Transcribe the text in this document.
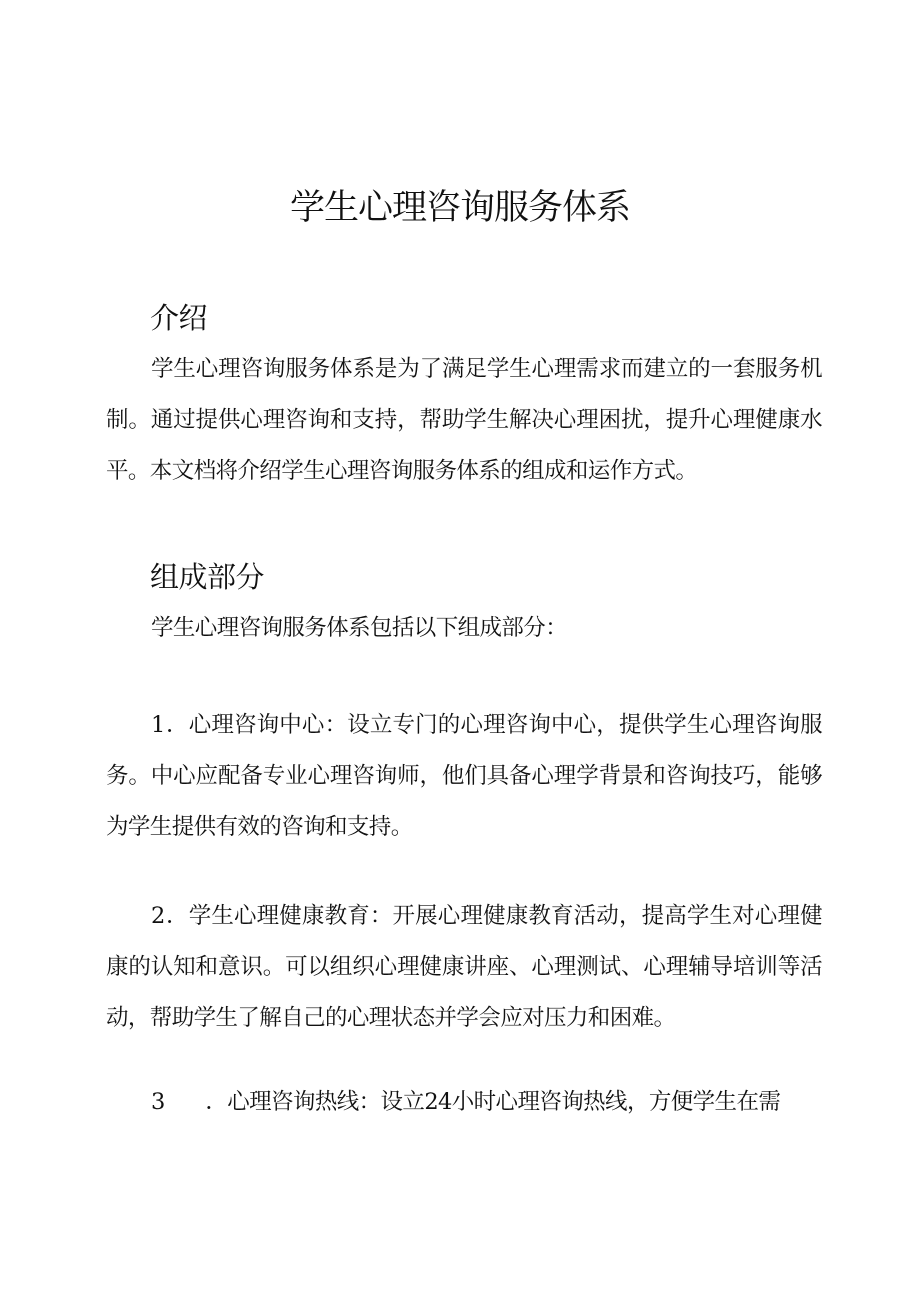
学生心理咨询服务体系
介绍

学生心理咨询服务体系是为了满足学生心理需求而建立的一套服务机制。通过提供心理咨询和支持，帮助学生解决心理困扰，提升心理健康水平。本文档将介绍学生心理咨询服务体系的组成和运作方式。

组成部分

学生心理咨询服务体系包括以下组成部分：

1．心理咨询中心：设立专门的心理咨询中心，提供学生心理咨询服务。中心应配备专业心理咨询师，他们具备心理学背景和咨询技巧，能够为学生提供有效的咨询和支持。

2．学生心理健康教育：开展心理健康教育活动，提高学生对心理健康的认知和意识。可以组织心理健康讲座、心理测试、心理辅导培训等活动，帮助学生了解自己的心理状态并学会应对压力和困难。

3 ．心理咨询热线：设立24小时心理咨询热线，方便学生在需
